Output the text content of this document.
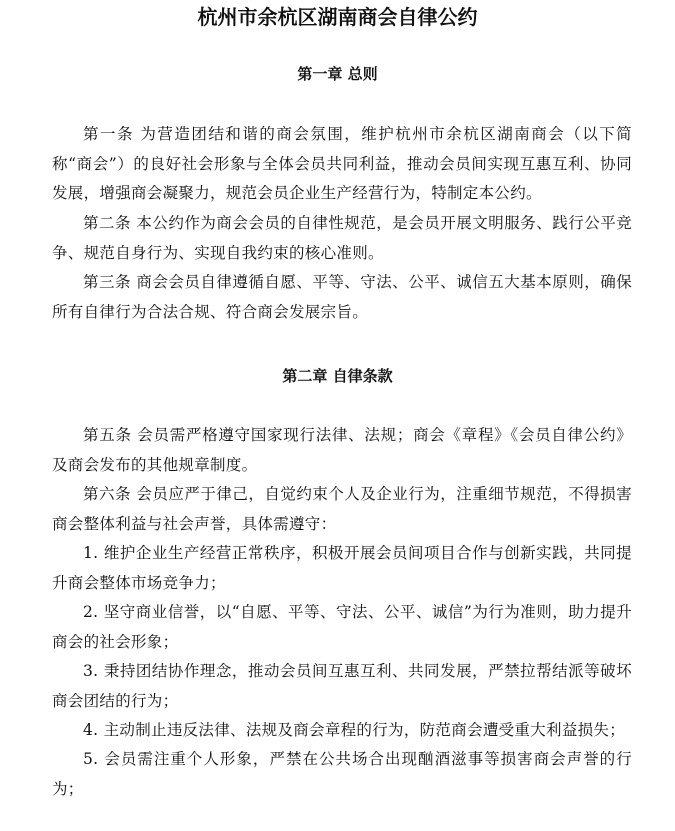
杭州市余杭区湖南商会自律公约
第一章 总则
第一条 为营造团结和谐的商会氛围，维护杭州市余杭区湖南商会（以下简称“商会”）的良好社会形象与全体会员共同利益，推动会员间实现互惠互利、协同发展，增强商会凝聚力，规范会员企业生产经营行为，特制定本公约。
第二条 本公约作为商会会员的自律性规范，是会员开展文明服务、践行公平竞争、规范自身行为、实现自我约束的核心准则。
第三条 商会会员自律遵循自愿、平等、守法、公平、诚信五大基本原则，确保所有自律行为合法合规、符合商会发展宗旨。
第二章 自律条款
第五条 会员需严格遵守国家现行法律、法规；商会《章程》《会员自律公约》及商会发布的其他规章制度。
第六条 会员应严于律己，自觉约束个人及企业行为，注重细节规范，不得损害商会整体利益与社会声誉，具体需遵守：
1. 维护企业生产经营正常秩序，积极开展会员间项目合作与创新实践，共同提升商会整体市场竞争力；
2. 坚守商业信誉，以“自愿、平等、守法、公平、诚信”为行为准则，助力提升商会的社会形象；
3. 秉持团结协作理念，推动会员间互惠互利、共同发展，严禁拉帮结派等破坏商会团结的行为；
4. 主动制止违反法律、法规及商会章程的行为，防范商会遭受重大利益损失；
5. 会员需注重个人形象，严禁在公共场合出现酗酒滋事等损害商会声誉的行为；
